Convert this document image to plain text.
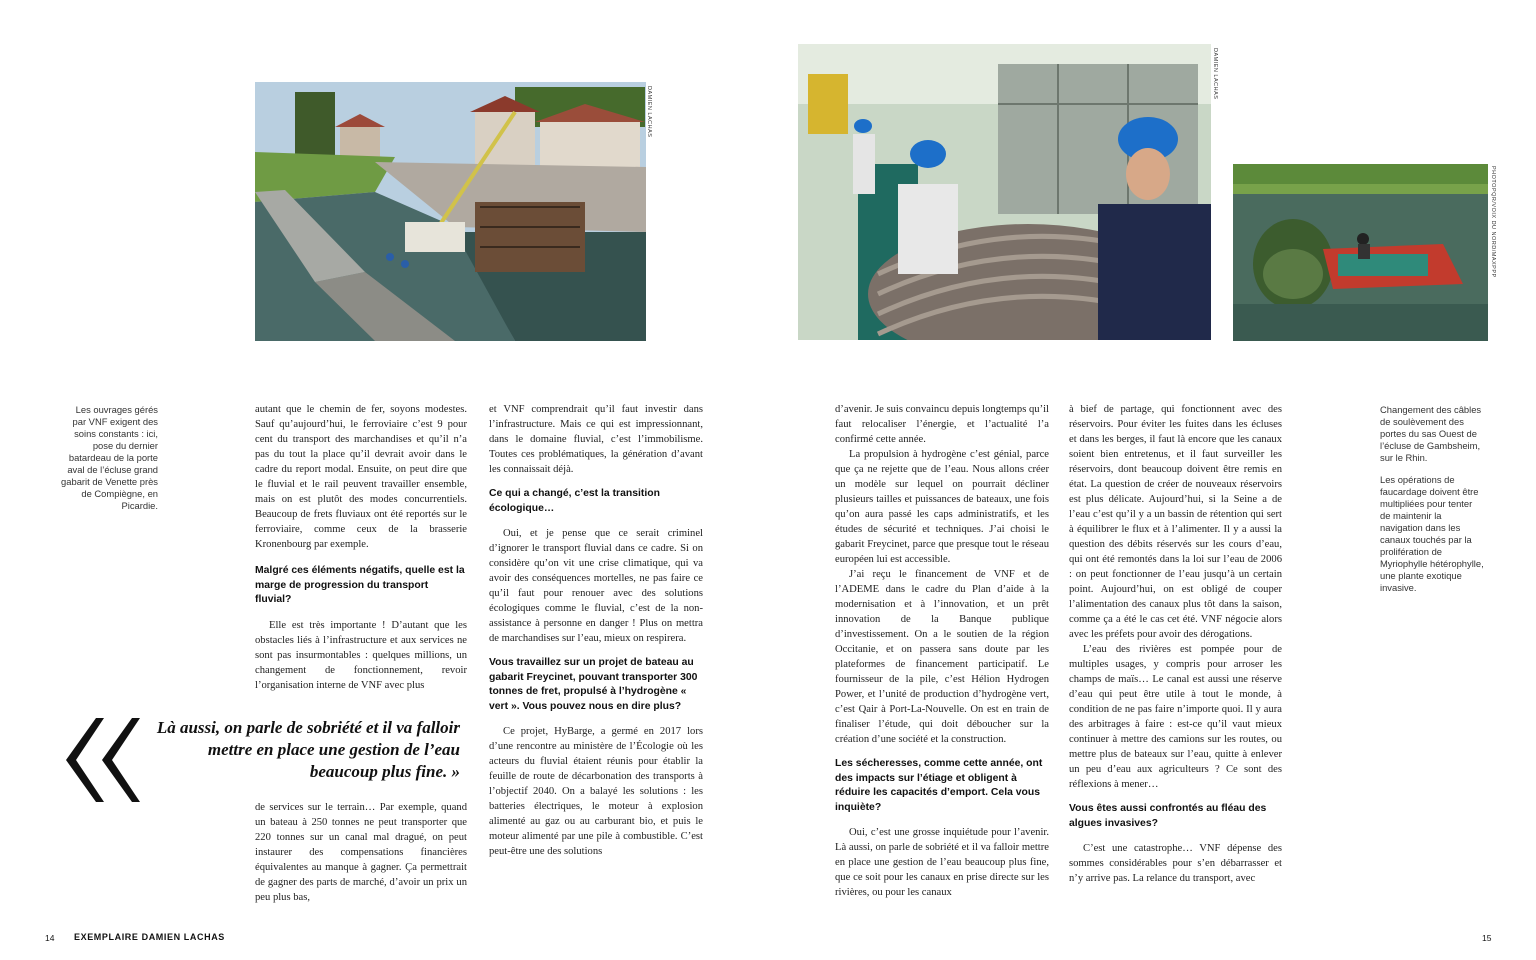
DAMIEN LACHAS

Les ouvrages gérés par VNF exigent des soins constants : ici, pose du dernier batardeau de la porte aval de l’écluse grand gabarit de Venette près de Compiègne, en Picardie.

autant que le chemin de fer, soyons modestes. Sauf qu’aujourd’hui, le ferroviaire c’est 9 pour cent du transport des marchandises et qu’il n’a pas du tout la place qu’il devrait avoir dans le cadre du report modal. Ensuite, on peut dire que le fluvial et le rail peuvent travailler ensemble, mais on est plutôt des modes concurrentiels. Beaucoup de frets fluviaux ont été reportés sur le ferroviaire, comme ceux de la brasserie Kronenbourg par exemple.

Malgré ces éléments négatifs, quelle est la marge de progression du transport fluvial?

Elle est très importante ! D’autant que les obstacles liés à l’infrastructure et aux services ne sont pas insurmontables : quelques millions, un changement de fonctionnement, revoir l’organisation interne de VNF avec plus

Là aussi, on parle de sobriété et il va falloir mettre en place une gestion de l’eau beaucoup plus fine. »

de services sur le terrain… Par exemple, quand un bateau à 250 tonnes ne peut transporter que 220 tonnes sur un canal mal dragué, on peut instaurer des compensations financières équivalentes au manque à gagner. Ça permettrait de gagner des parts de marché, d’avoir un prix un peu plus bas,

et VNF comprendrait qu’il faut investir dans l’infrastructure. Mais ce qui est impressionnant, dans le domaine fluvial, c’est l’immobilisme. Toutes ces problématiques, la génération d’avant les connaissait déjà.

Ce qui a changé, c’est la transition écologique…

Oui, et je pense que ce serait criminel d’ignorer le transport fluvial dans ce cadre. Si on considère qu’on vit une crise climatique, qui va avoir des conséquences mortelles, ne pas faire ce qu’il faut pour renouer avec des solutions écologiques comme le fluvial, c’est de la non-assistance à personne en danger ! Plus on mettra de marchandises sur l’eau, mieux on respirera.

Vous travaillez sur un projet de bateau au gabarit Freycinet, pouvant transporter 300 tonnes de fret, propulsé à l’hydrogène « vert ». Vous pouvez nous en dire plus?

Ce projet, HyBarge, a germé en 2017 lors d’une rencontre au ministère de l’Écologie où les acteurs du fluvial étaient réunis pour établir la feuille de route de décarbonation des transports à l’objectif 2040. On a balayé les solutions : les batteries électriques, le moteur à explosion alimenté au gaz ou au carburant bio, et puis le moteur alimenté par une pile à combustible. C’est peut-être une des solutions

14 EXEMPLAIRE DAMIEN LACHAS
DAMIEN LACHAS
PHOTOPQR/VOIX DU NORD/MAXPPP

d’avenir. Je suis convaincu depuis longtemps qu’il faut relocaliser l’énergie, et l’actualité l’a confirmé cette année.

La propulsion à hydrogène c’est génial, parce que ça ne rejette que de l’eau. Nous allons créer un modèle sur lequel on pourrait décliner plusieurs tailles et puissances de bateaux, une fois qu’on aura passé les caps administratifs, et les études de sécurité et techniques. J’ai choisi le gabarit Freycinet, parce que presque tout le réseau européen lui est accessible.

J’ai reçu le financement de VNF et de l’ADEME dans le cadre du Plan d’aide à la modernisation et à l’innovation, et un prêt innovation de la Banque publique d’investissement. On a le soutien de la région Occitanie, et on passera sans doute par les plateformes de financement participatif. Le fournisseur de la pile, c’est Hélion Hydrogen Power, et l’unité de production d’hydrogène vert, c’est Qair à Port-La-Nouvelle. On est en train de finaliser l’étude, qui doit déboucher sur la création d’une société et la construction.

Les sécheresses, comme cette année, ont des impacts sur l’étiage et obligent à réduire les capacités d’emport. Cela vous inquiète?

Oui, c’est une grosse inquiétude pour l’avenir. Là aussi, on parle de sobriété et il va falloir mettre en place une gestion de l’eau beaucoup plus fine, que ce soit pour les canaux en prise directe sur les rivières, ou pour les canaux

à bief de partage, qui fonctionnent avec des réservoirs. Pour éviter les fuites dans les écluses et dans les berges, il faut là encore que les canaux soient bien entretenus, et il faut surveiller les réservoirs, dont beaucoup doivent être remis en état. La question de créer de nouveaux réservoirs est plus délicate. Aujourd’hui, si la Seine a de l’eau c’est qu’il y a un bassin de rétention qui sert à équilibrer le flux et à l’alimenter. Il y a aussi la question des débits réservés sur les cours d’eau, qui ont été remontés dans la loi sur l’eau de 2006 : on peut fonctionner de l’eau jusqu’à un certain point. Aujourd’hui, on est obligé de couper l’alimentation des canaux plus tôt dans la saison, comme ça a été le cas cet été. VNF négocie alors avec les préfets pour avoir des dérogations.

L’eau des rivières est pompée pour de multiples usages, y compris pour arroser les champs de maïs… Le canal est aussi une réserve d’eau qui peut être utile à tout le monde, à condition de ne pas faire n’importe quoi. Il y aura des arbitrages à faire : est-ce qu’il vaut mieux continuer à mettre des camions sur les routes, ou mettre plus de bateaux sur l’eau, quitte à enlever un peu d’eau aux agriculteurs ? Ce sont des réflexions à mener…

Vous êtes aussi confrontés au fléau des algues invasives?

C’est une catastrophe… VNF dépense des sommes considérables pour s’en débarrasser et n’y arrive pas. La relance du transport, avec

Changement des câbles de soulèvement des portes du sas Ouest de l’écluse de Gambsheim, sur le Rhin.

Les opérations de faucardage doivent être multipliées pour tenter de maintenir la navigation dans les canaux touchés par la prolifération de Myriophylle hétérophylle, une plante exotique invasive.

15
